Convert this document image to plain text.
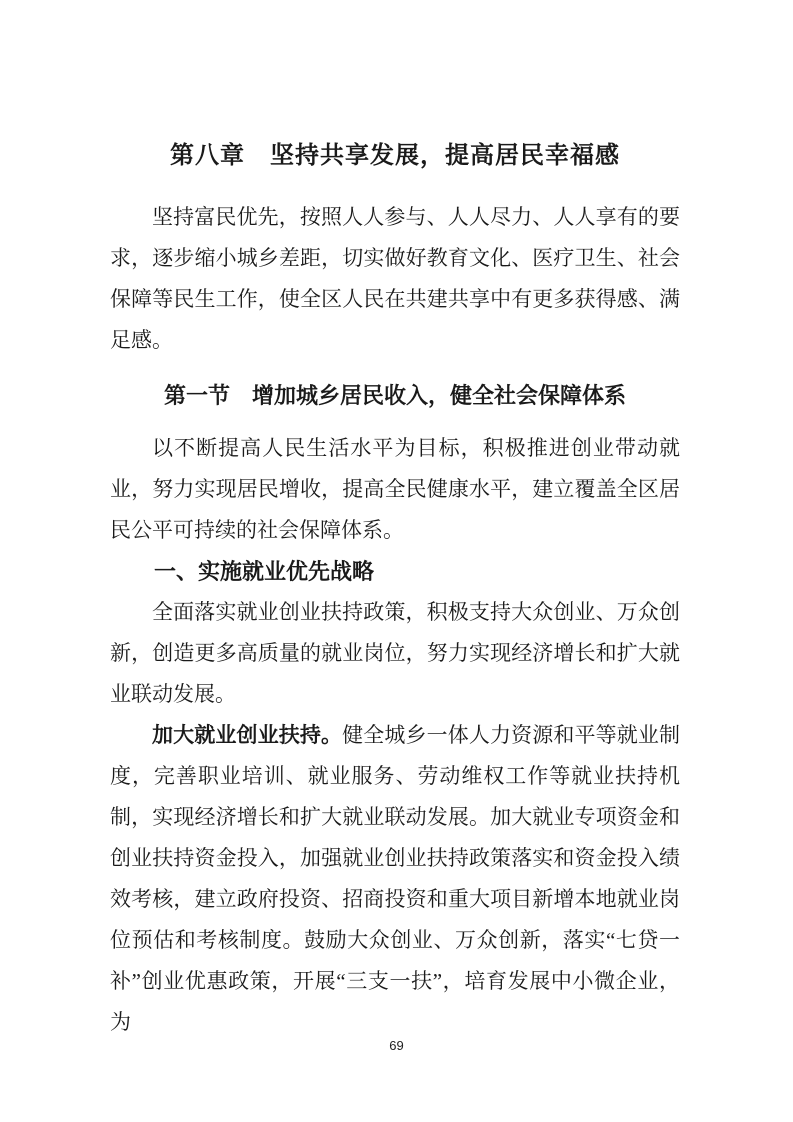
第八章　坚持共享发展，提高居民幸福感

坚持富民优先，按照人人参与、人人尽力、人人享有的要求，逐步缩小城乡差距，切实做好教育文化、医疗卫生、社会保障等民生工作，使全区人民在共建共享中有更多获得感、满足感。

第一节　增加城乡居民收入，健全社会保障体系

以不断提高人民生活水平为目标，积极推进创业带动就业，努力实现居民增收，提高全民健康水平，建立覆盖全区居民公平可持续的社会保障体系。

一、实施就业优先战略

全面落实就业创业扶持政策，积极支持大众创业、万众创新，创造更多高质量的就业岗位，努力实现经济增长和扩大就业联动发展。

加大就业创业扶持。健全城乡一体人力资源和平等就业制度，完善职业培训、就业服务、劳动维权工作等就业扶持机制，实现经济增长和扩大就业联动发展。加大就业专项资金和创业扶持资金投入，加强就业创业扶持政策落实和资金投入绩效考核，建立政府投资、招商投资和重大项目新增本地就业岗位预估和考核制度。鼓励大众创业、万众创新，落实“七贷一补”创业优惠政策，开展“三支一扶”，培育发展中小微企业，为

69
